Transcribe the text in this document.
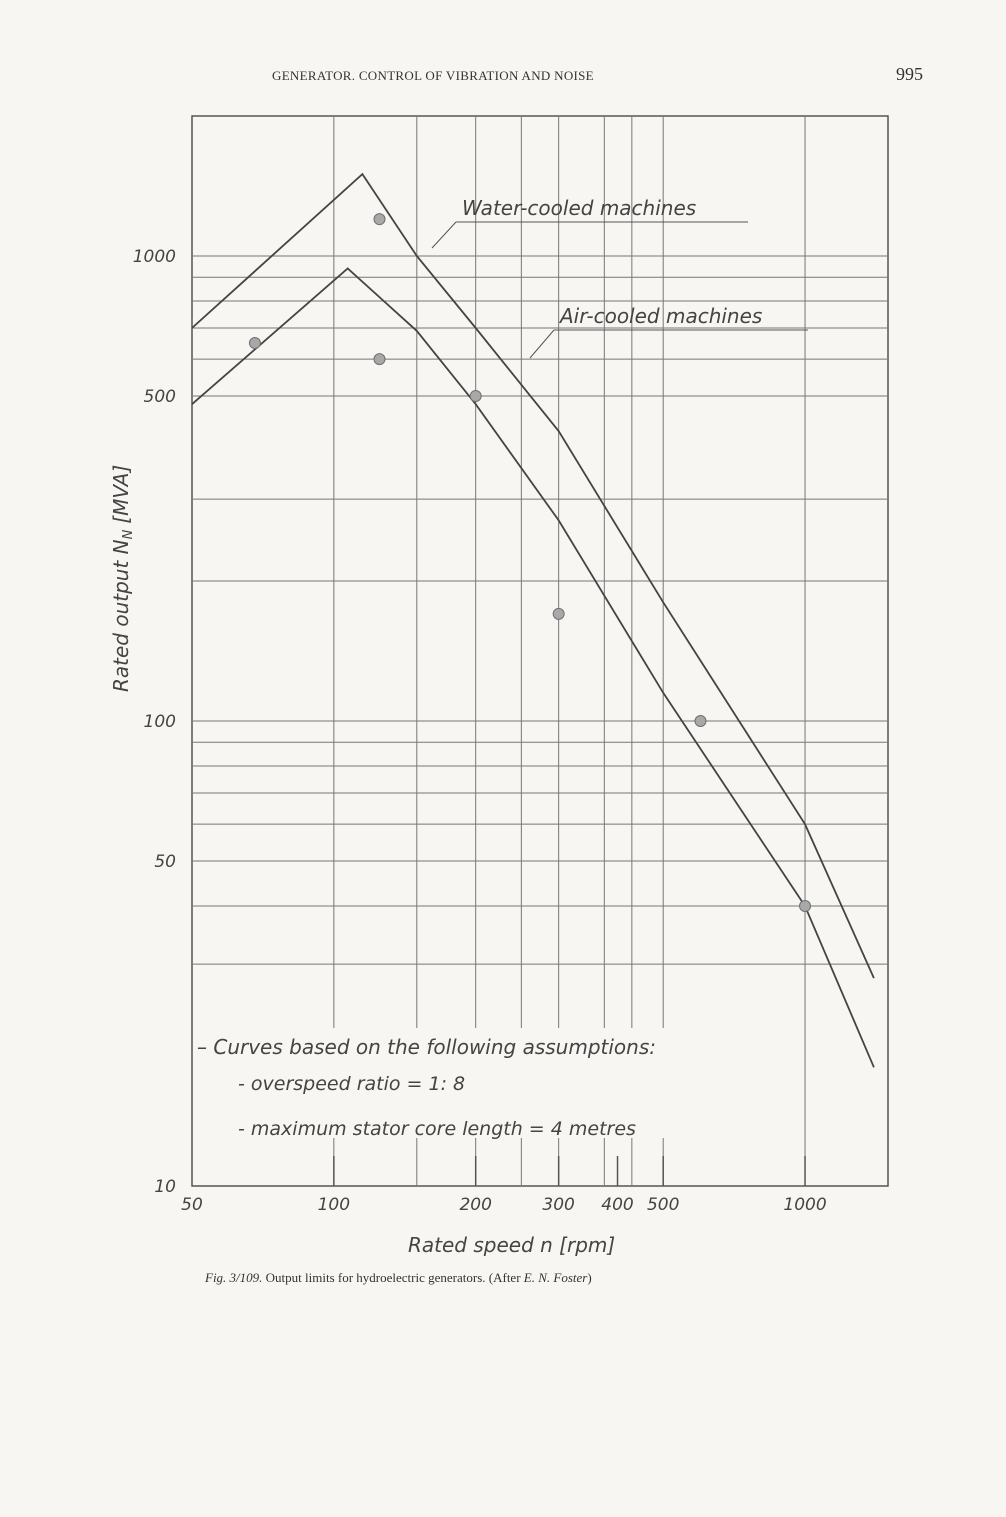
GENERATOR. CONTROL OF VIBRATION AND NOISE	995
50	100	200	300 400 500	1000
10
50
100
500
1000
Water-cooled machines
Air-cooled machines
– Curves based on the following assumptions:
- overspeed ratio = 1: 8
- maximum stator core length = 4 metres
Rated speed n [rpm]
Rated output $N_N[MVA]$
Fig. 3/109. Output limits for hydroelectric generators. (After E. N. Foster)
